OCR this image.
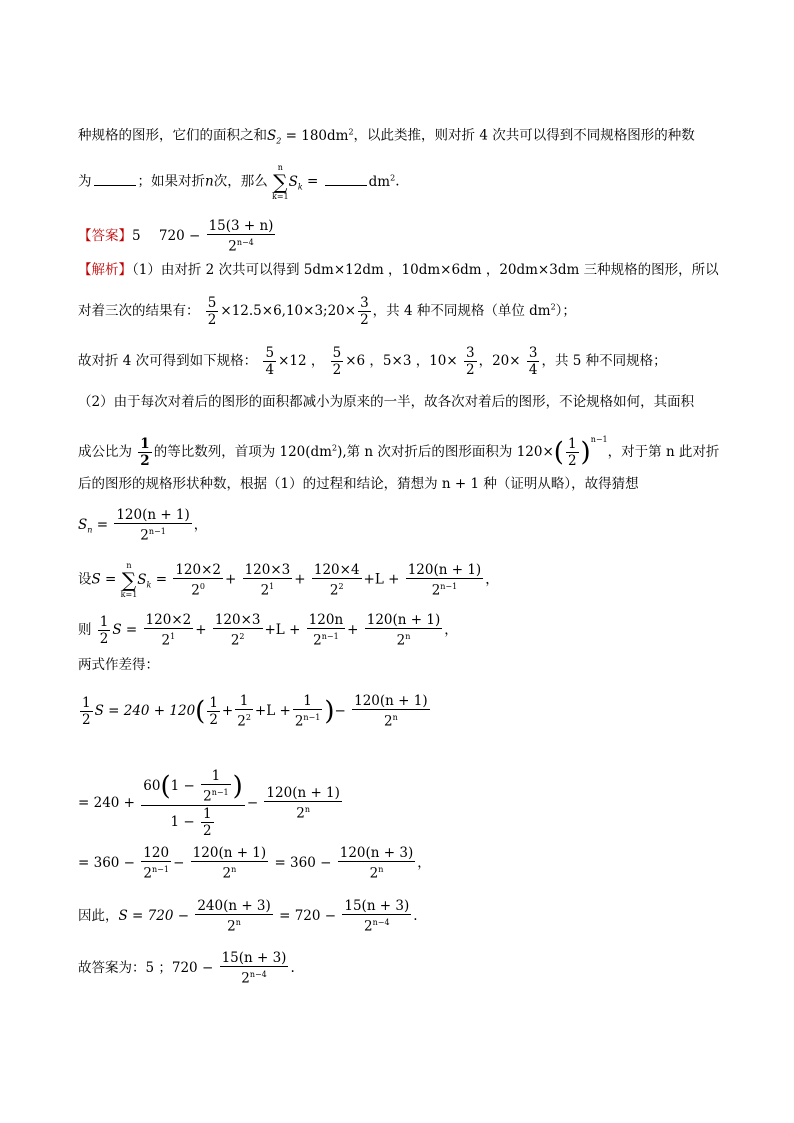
种规格的图形，它们的面积之和$S_2 = 180dm^2$，以此类推，则对折 4 次共可以得到不同规格图形的种数
为	；如果对折n次，那么
n
∑
k=1
$S_k$ =	$dm^2$.
【答案】5 $720 - \frac{15(3 + n)}{2^{n-4}}$
【解析】（1）由对折 2 次共可以得到 5dm×12dm ，10dm×6dm ，20dm×3dm 三种规格的图形，所以
对着三次的结果有： $\frac{5}{2}$ ×12.5×6,10×3;20× $\frac{3}{2}$ ，共 4 种不同规格（单位 $dm^2$）；
故对折 4 次可得到如下规格： $\frac{5}{4} \times 12$ ， $\frac{5}{2} \times 6$ ，5×3 ，$10\times \frac{3}{2}$ ，$20\times \frac{3}{4}$ ，共 5 种不同规格；
（2）由于每次对着后的图形的面积都减小为原来的一半，故各次对着后的图形，不论规格如何，其面积
成公比为 $\frac{1}{2}$ 的等比数列，首项为 $120(dm^2)$,第 n 次对折后的图形面积为 $120\times( \frac{1}{2} )^{n-1}$，对于第 n 此对折
后的图形的规格形状种数，根据（1）的过程和结论，猜想为 n + 1 种（证明从略），故得猜想
$S_n = \frac{120(n + 1)}{2^{n-1}}$ ，
设S =
n
∑
k=1
$S_k = \frac{120\times 2}{2^0} + \frac{120\times 3}{2^1} + \frac{120\times 4}{2^2} +L + \frac{120(n + 1)}{2^{n-1}}$ ，
则 $\frac{1}{2}$ $S = \frac{120\times 2}{2^1} + \frac{120\times 3}{2^2} +L + \frac{120n}{2^{n-1}} + \frac{120(n + 1)}{2^n}$ ，
两式作差得：
$\frac{1}{2}$ $S = 240 + 120( \frac{1}{2} + \frac{1}{2^2} +L + \frac{1}{2^{n-1}}$ )− $\frac{120(n + 1)}{2^n}$
= $240 + \frac{60(1 - \frac{1}{2^{n-1}} )}{1 - \frac{1}{2}} - \frac{120(n + 1)}{2^n}$
= $360 - \frac{120}{2^{n-1}} - \frac{120(n + 1)}{2^n} = 360 - \frac{120(n + 3)}{2^n}$ ，
因此，$S = 720 - \frac{240(n + 3)}{2^n} = 720 - \frac{15(n + 3)}{2^{n-4}}$ .
故答案为：5 ；$720 - \frac{15(n + 3)}{2^{n-4}}$ .
